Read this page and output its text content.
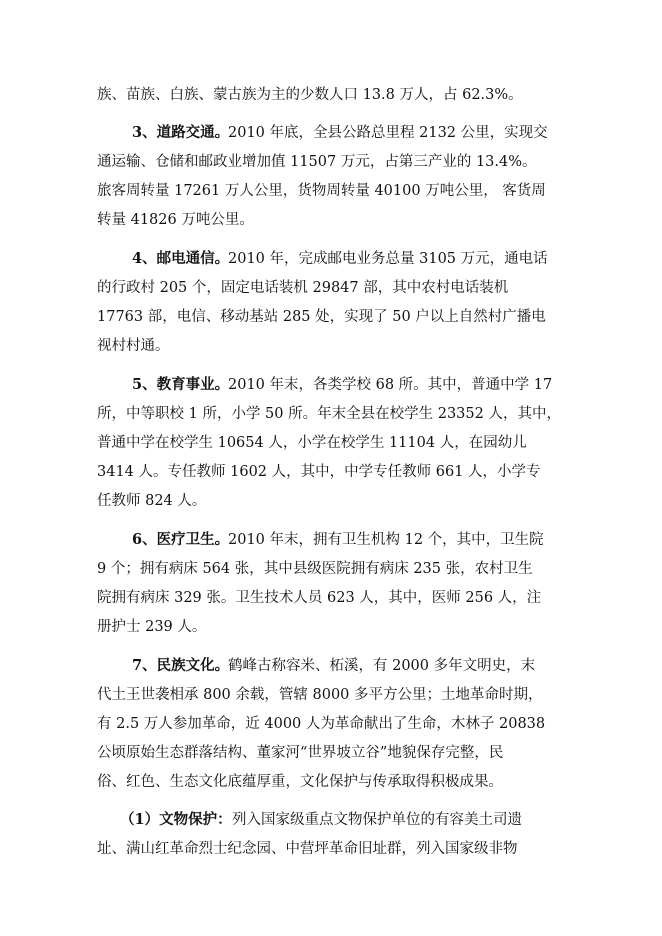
族、苗族、白族、蒙古族为主的少数人口 13.8 万人，占 62.3%。
3、道路交通。
2010 年底，全县公路总里程 2132 公里，实现交
通运输、仓储和邮政业增加值 11507 万元，占第三产业的 13.4%。
旅客周转量 17261 万人公里，货物周转量 40100 万吨公里， 客货周
转量 41826 万吨公里。
4、邮电通信。
2010 年，完成邮电业务总量 3105 万元，通电话
的行政村 205 个，固定电话装机 29847 部，其中农村电话装机
17763 部，电信、移动基站 285 处，实现了 50 户以上自然村广播电
视村村通。
5、教育事业。
2010 年末，各类学校 68 所。其中，普通中学 17
所，中等职校 1 所，小学 50 所。年末全县在校学生 23352 人，其中，
普通中学在校学生 10654 人，小学在校学生 11104 人，在园幼儿
3414 人。专任教师 1602 人，其中，中学专任教师 661 人，小学专
任教师 824 人。
6、医疗卫生。
2010 年末，拥有卫生机构 12 个，其中，卫生院
9 个；拥有病床 564 张，其中县级医院拥有病床 235 张，农村卫生
院拥有病床 329 张。卫生技术人员 623 人，其中，医师 256 人，注
册护士 239 人。
7、民族文化。
鹤峰古称容米、柘溪，有 2000 多年文明史，末
代土王世袭相承 800 余载，管辖 8000 多平方公里；土地革命时期，
有 2.5 万人参加革命，近 4000 人为革命献出了生命，木林子 20838
公顷原始生态群落结构、董家河“世界坡立谷”地貌保存完整，民
俗、红色、生态文化底蕴厚重，文化保护与传承取得积极成果。
（1）文物保护： 列入国家级重点文物保护单位的有容美土司遗
址、满山红革命烈士纪念园、中营坪革命旧址群，列入国家级非物
